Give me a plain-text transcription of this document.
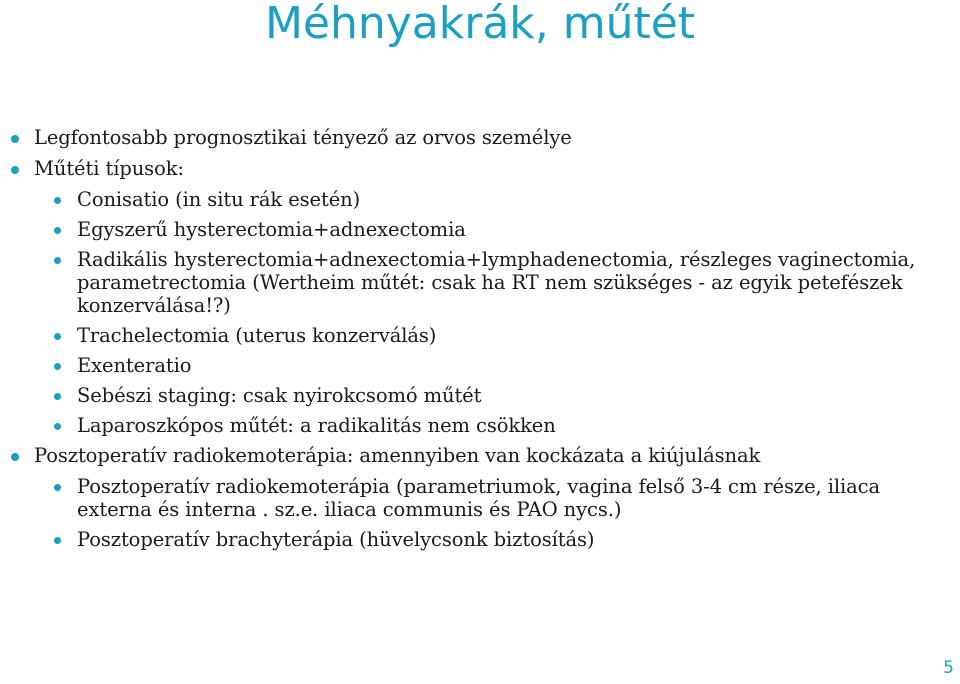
Méhnyakrák, műtét
Legfontosabb prognosztikai tényező az orvos személye
Műtéti típusok:
Conisatio (in situ rák esetén)
Egyszerű hysterectomia+adnexectomia
Radikális hysterectomia+adnexectomia+lymphadenectomia, részleges vaginectomia, parametrectomia (Wertheim műtét: csak ha RT nem szükséges - az egyik petefészek konzerválása!?)
Trachelectomia (uterus konzerválás)
Exenteratio
Sebészi staging: csak nyirokcsomó műtét
Laparoszkópos műtét: a radikalitás nem csökken
Posztoperatív radiokemoterápia: amennyiben van kockázata a kiújulásnak
Posztoperatív radiokemoterápia (parametriumok, vagina felső 3-4 cm része, iliaca externa és interna . sz.e. iliaca communis és PAO nycs.)
Posztoperatív brachyterápia (hüvelycsonk biztosítás)
5
